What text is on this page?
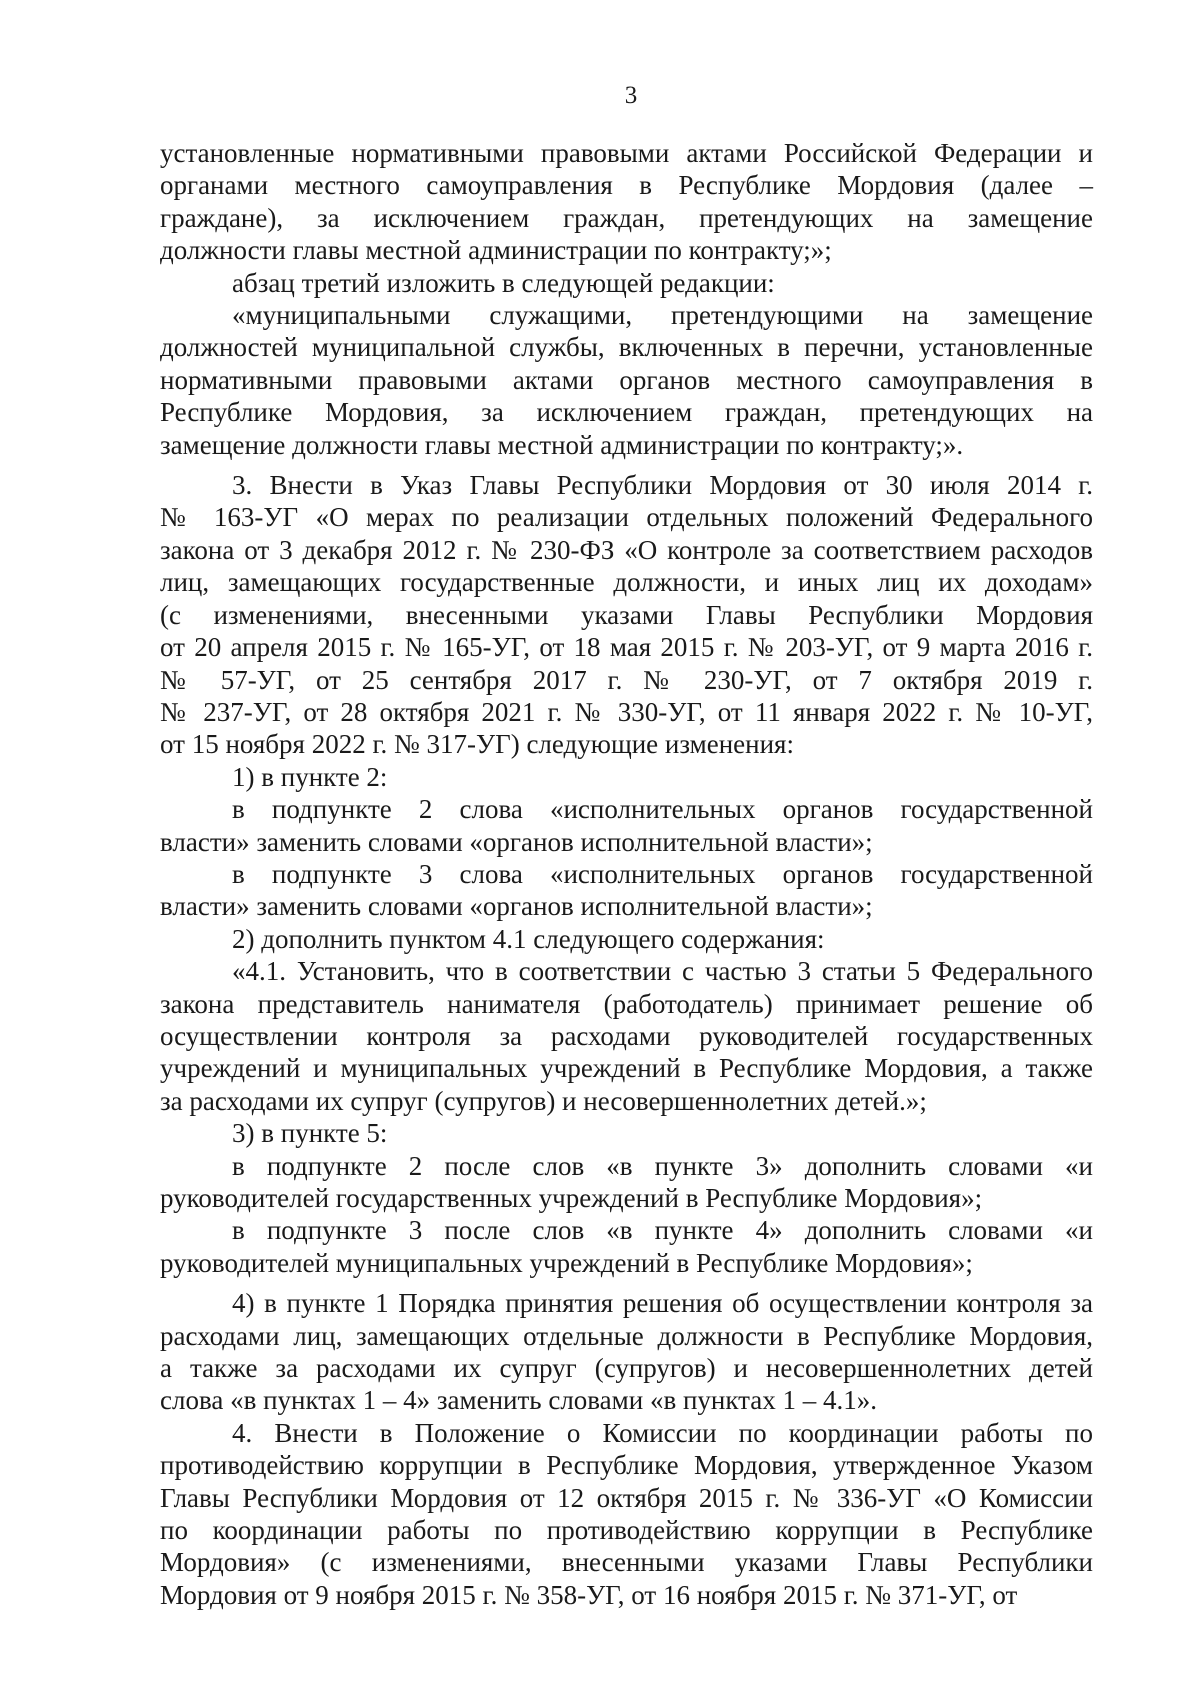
3

установленные нормативными правовыми актами Российской Федерации и
органами местного самоуправления в Республике Мордовия (далее –
граждане), за исключением граждан, претендующих на замещение
должности главы местной администрации по контракту;»;

абзац третий изложить в следующей редакции:

«муниципальными служащими, претендующими на замещение
должностей муниципальной службы, включенных в перечни, установленные
нормативными правовыми актами органов местного самоуправления в
Республике Мордовия, за исключением граждан, претендующих на
замещение должности главы местной администрации по контракту;».

3. Внести в Указ Главы Республики Мордовия от 30 июля 2014 г.
№ 163-УГ «О мерах по реализации отдельных положений Федерального
закона от 3 декабря 2012 г. № 230-ФЗ «О контроле за соответствием расходов
лиц, замещающих государственные должности, и иных лиц их доходам»
(с изменениями, внесенными указами Главы Республики Мордовия
от 20 апреля 2015 г. № 165-УГ, от 18 мая 2015 г. № 203-УГ, от 9 марта 2016 г.
№ 57-УГ, от 25 сентября 2017 г. № 230-УГ, от 7 октября 2019 г.
№ 237-УГ, от 28 октября 2021 г. № 330-УГ, от 11 января 2022 г. № 10-УГ,
от 15 ноября 2022 г. № 317-УГ) следующие изменения:

1) в пункте 2:

в подпункте 2 слова «исполнительных органов государственной
власти» заменить словами «органов исполнительной власти»;

в подпункте 3 слова «исполнительных органов государственной
власти» заменить словами «органов исполнительной власти»;

2) дополнить пунктом 4.1 следующего содержания:

«4.1. Установить, что в соответствии с частью 3 статьи 5 Федерального
закона представитель нанимателя (работодатель) принимает решение об
осуществлении контроля за расходами руководителей государственных
учреждений и муниципальных учреждений в Республике Мордовия, а также
за расходами их супруг (супругов) и несовершеннолетних детей.»;

3) в пункте 5:

в подпункте 2 после слов «в пункте 3» дополнить словами «и
руководителей государственных учреждений в Республике Мордовия»;

в подпункте 3 после слов «в пункте 4» дополнить словами «и
руководителей муниципальных учреждений в Республике Мордовия»;

4) в пункте 1 Порядка принятия решения об осуществлении контроля за
расходами лиц, замещающих отдельные должности в Республике Мордовия,
а также за расходами их супруг (супругов) и несовершеннолетних детей
слова «в пунктах 1 – 4» заменить словами «в пунктах 1 – 4.1».

4. Внести в Положение о Комиссии по координации работы по
противодействию коррупции в Республике Мордовия, утвержденное Указом
Главы Республики Мордовия от 12 октября 2015 г. № 336-УГ «О Комиссии
по координации работы по противодействию коррупции в Республике
Мордовия» (с изменениями, внесенными указами Главы Республики
Мордовия от 9 ноября 2015 г. № 358-УГ, от 16 ноября 2015 г. № 371-УГ, от
